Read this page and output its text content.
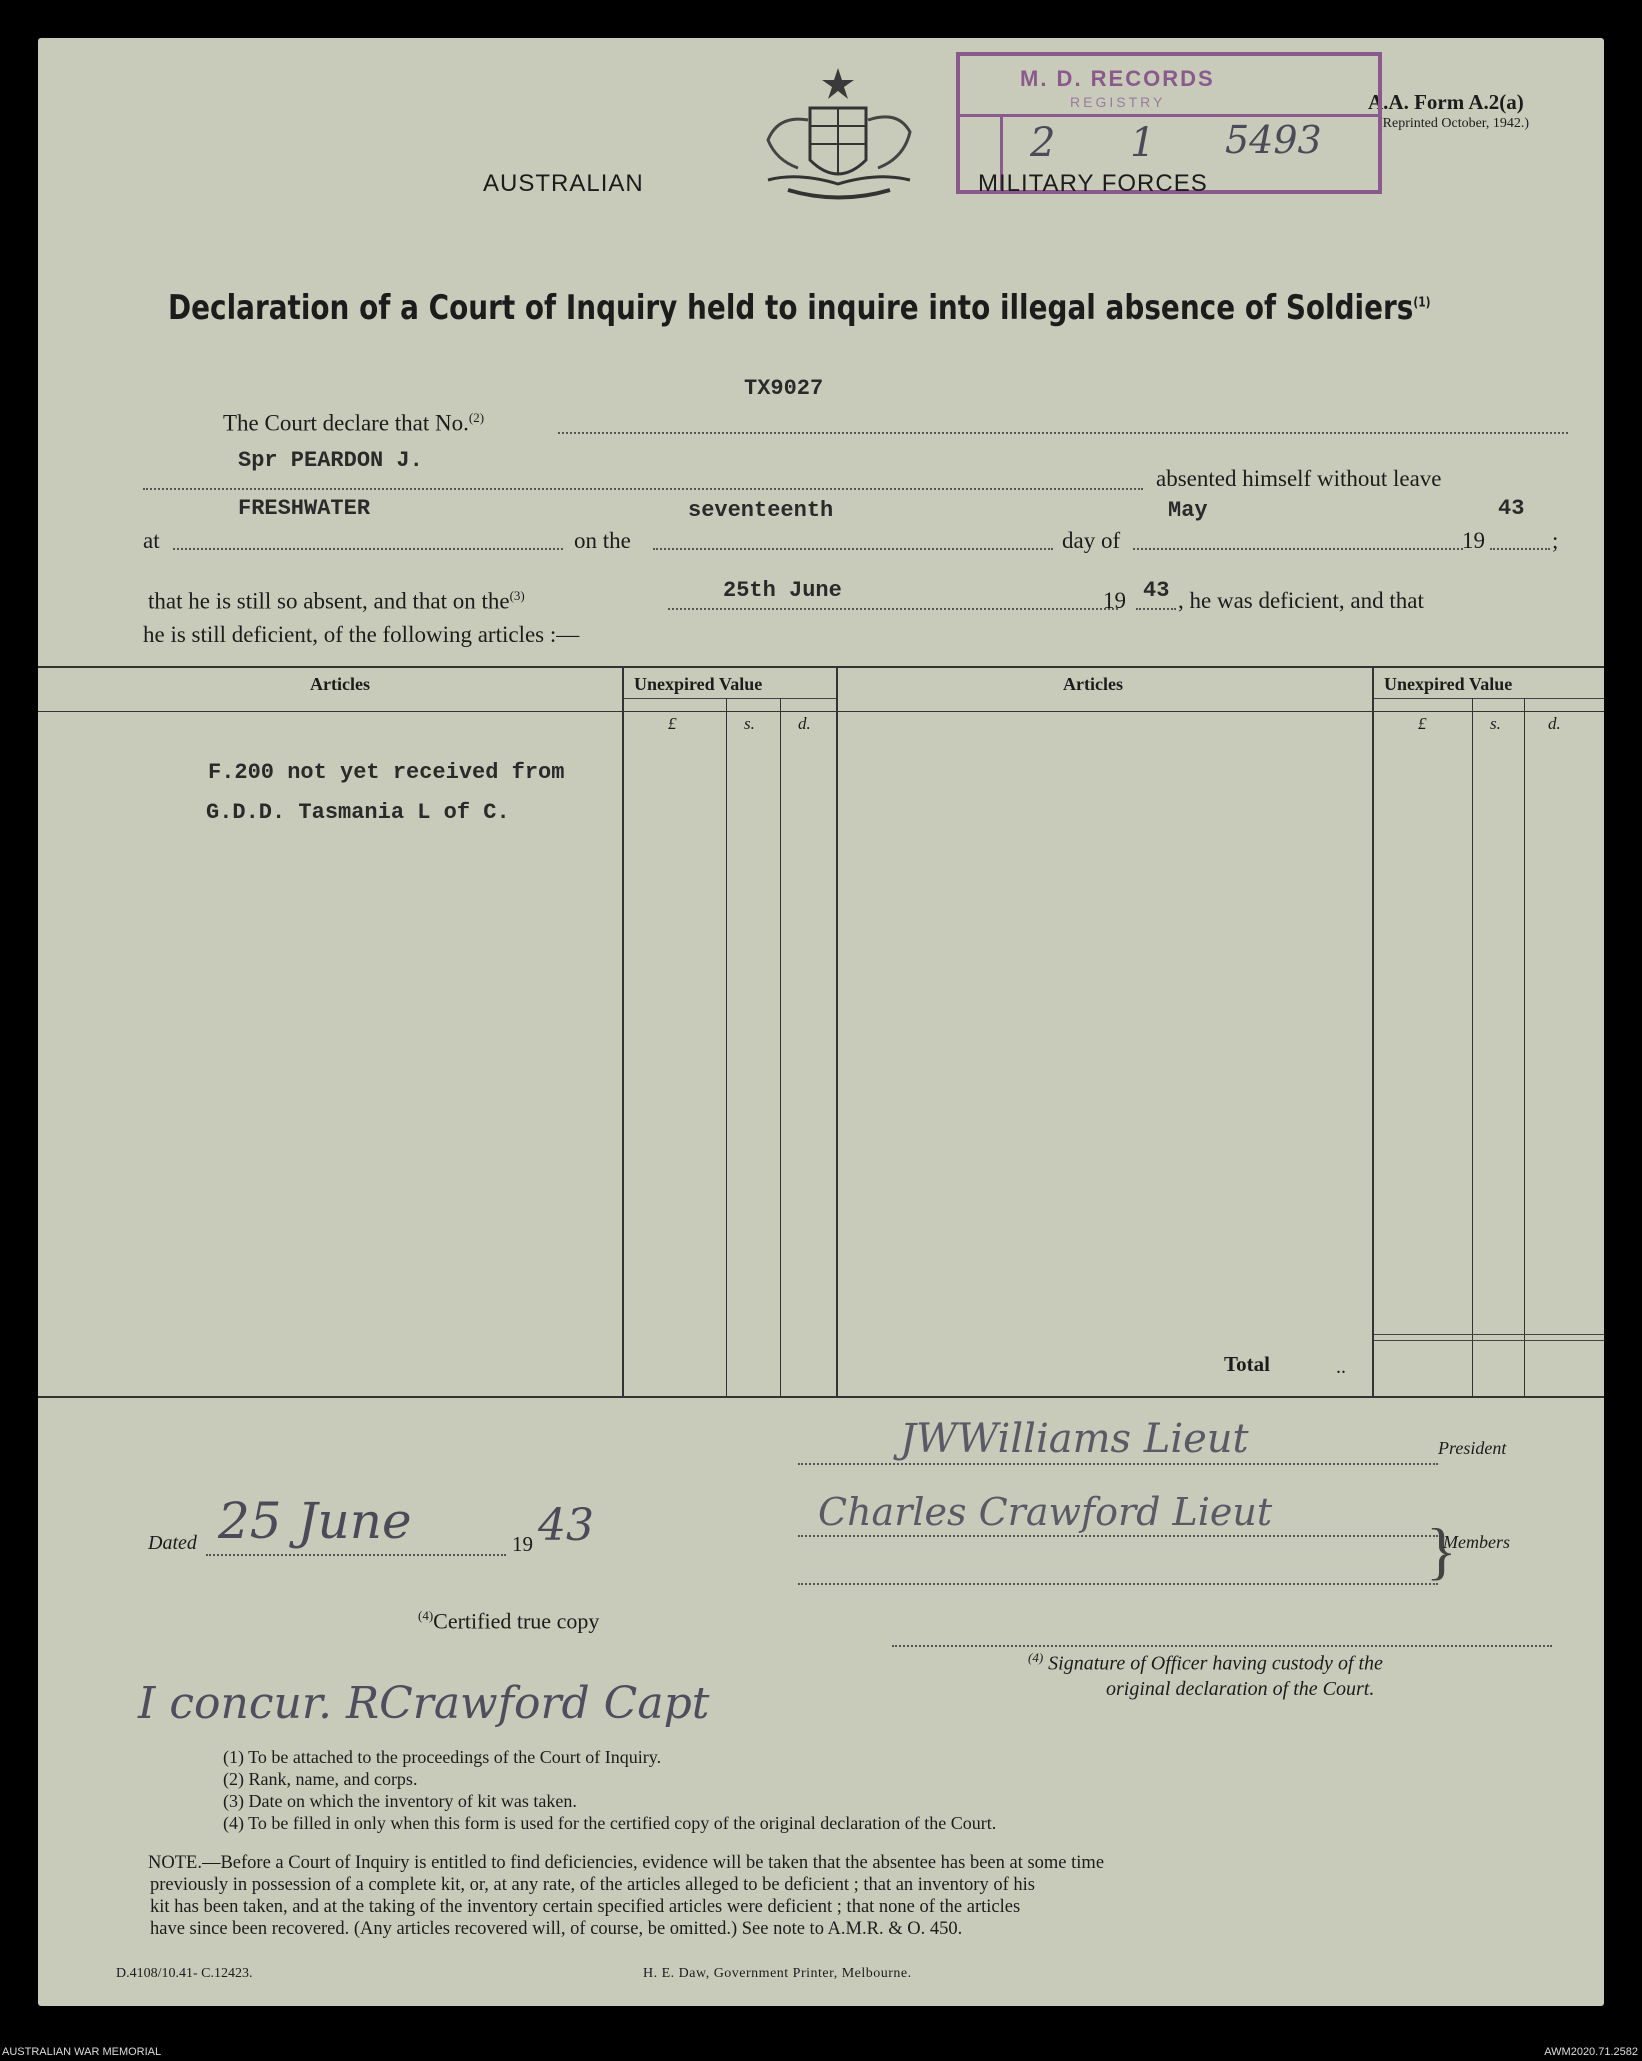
A.A. Form A.2(a)
(Reprinted October, 1942.)
M. D. RECORDS
REGISTRY
2 1 5493
AUSTRALIAN	MILITARY FORCES
Declaration of a Court of Inquiry held to inquire into illegal absence of Soldiers$^{(1)}$
TX9027
The Court declare that No.$^{(2)}$
Spr PEARDON J.
absented himself without leave
FRESHWATER	seventeenth	May	43
at	on the	day of	19	;
25th June	43
that he is still so absent, and that on the$^{(3)}$	19 , he was deficient, and that
he is still deficient, of the following articles :—
Articles	Unexpired Value	Articles	Unexpired Value
£	s.	d.	£	s.	d.
F.200 not yet received from
G.D.D. Tasmania L of C.
Total	..
JWWilliams Lieut	President
Charles Crawford Lieut
}
Members
Dated 25 June	19 43
$^{(4)}$Certified true copy
$^{(4)}$ Signature of Officer having custody of the
original declaration of the Court.
I concur. RCrawford Capt
(1) To be attached to the proceedings of the Court of Inquiry.
(2) Rank, name, and corps.
(3) Date on which the inventory of kit was taken.
(4) To be filled in only when this form is used for the certified copy of the original declaration of the Court.
NOTE.—Before a Court of Inquiry is entitled to find deficiencies, evidence will be taken that the absentee has been at some time
previously in possession of a complete kit, or, at any rate, of the articles alleged to be deficient ; that an inventory of his
kit has been taken, and at the taking of the inventory certain specified articles were deficient ; that none of the articles
have since been recovered. (Any articles recovered will, of course, be omitted.) See note to A.M.R. & O. 450.
D.4108/10.41- C.12423.	H. E. Daw, Government Printer, Melbourne.
AUSTRALIAN WAR MEMORIAL	AWM2020.71.2582
